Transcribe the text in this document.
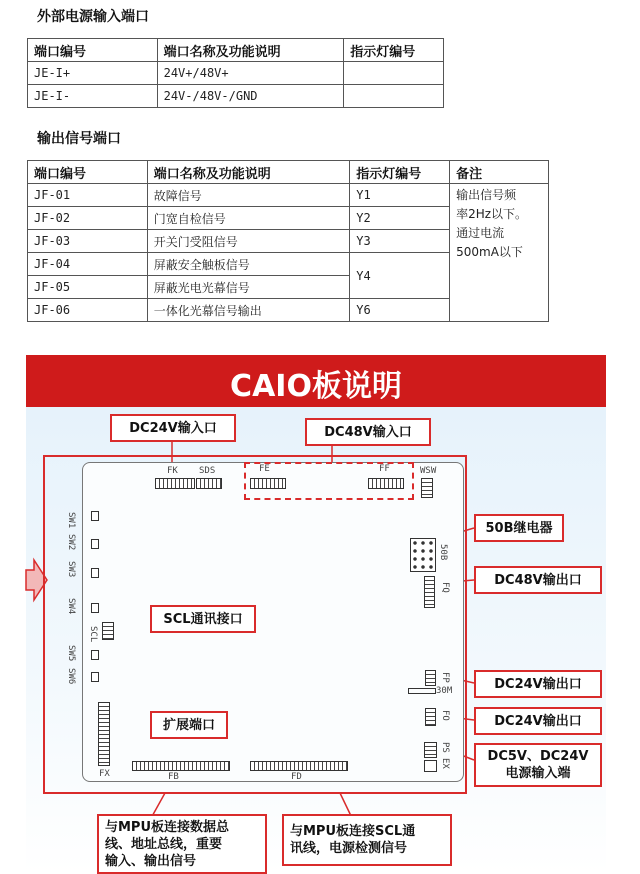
外部电源输入端口
端口编号	端口名称及功能说明	指示灯编号
JE-I+	24V+/48V+	
JE-I-	24V-/48V-/GND	
输出信号端口
端口编号	端口名称及功能说明	指示灯编号	备注
JF-01	故障信号	Y1	输出信号频
率2Hz以下。
通过电流
500mA以下

JF-02	门宽自检信号	Y2	
JF-03	开关门受阻信号	Y3	
JF-04	屏蔽安全触板信号	Y4	
JF-05	屏蔽光电光幕信号		
JF-06	一体化光幕信号输出	Y6	
CAIO板说明
FK SDS	FE	FF	WSW
SW1
SW2
SW3
SW4
SCL
SW5
SW6
FX	FB	FD
50B
FQ
FP
30M
FO
PS
EX
DC24V输入口	DC48V输入口
50B继电器
DC48V输出口
SCL通讯接口
DC24V输出口
DC24V输出口
DC5V、DC24V
电源输入端
扩展端口
与MPU板连接数据总
线、地址总线，重要
输入、输出信号
与MPU板连接SCL通
讯线，电源检测信号
